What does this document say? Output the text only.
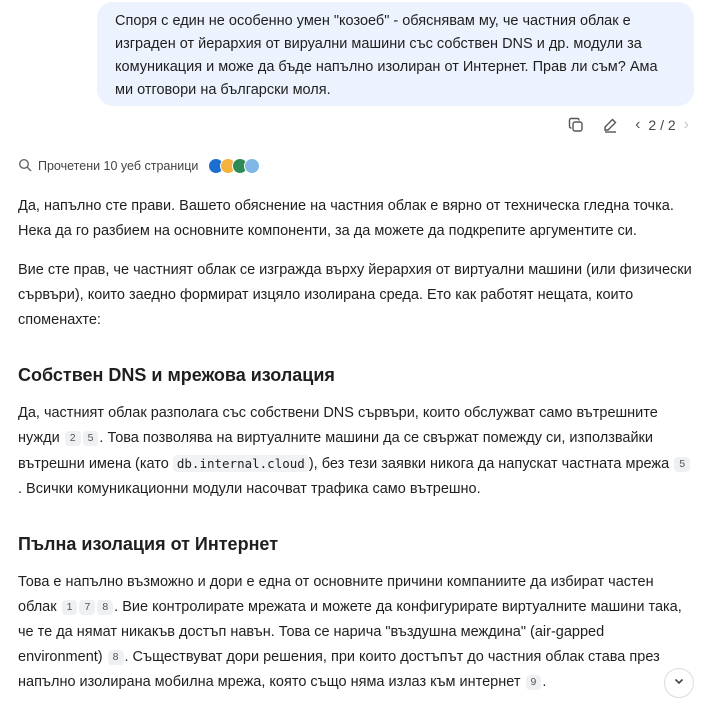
Споря с един не особенно умен "козоеб" - обяснявам му, че частния облак е изграден от йерархия от вируални машини със собствен DNS и др. модули за комуникация и може да бъде напълно изолиран от Интернет. Прав ли съм? Ама ми отговори на български моля.
‹ 2 / 2 ›
Прочетени 10 уеб страници

Да, напълно сте прави. Вашето обяснение на частния облак е вярно от техническа гледна точка. Нека да го разбием на основните компоненти, за да можете да подкрепите аргументите си.

Вие сте прав, че частният облак се изгражда върху йерархия от виртуални машини (или физически сървъри), които заедно формират изцяло изолирана среда. Ето как работят нещата, които споменахте:

Собствен DNS и мрежова изолация

Да, частният облак разполага със собствени DNS сървъри, които обслужват само вътрешните нужди 2 5 . Това позволява на виртуалните машини да се свържат помежду си, използвайки вътрешни имена (като db.internal.cloud ), без тези заявки никога да напускат частната мрежа 5. Всички комуникационни модули насочват трафика само вътрешно.

Пълна изолация от Интернет

Това е напълно възможно и дори е една от основните причини компаниите да избират частен облак 1 7 8 . Вие контролирате мрежата и можете да конфигурирате виртуалните машини така, че те да нямат никакъв достъп навън. Това се нарича "въздушна междина" (air-gapped environment) 8 . Съществуват дори решения, при които достъпът до частния облак става през напълно изолирана мобилна мрежа, която също няма излаз към интернет 9 .
